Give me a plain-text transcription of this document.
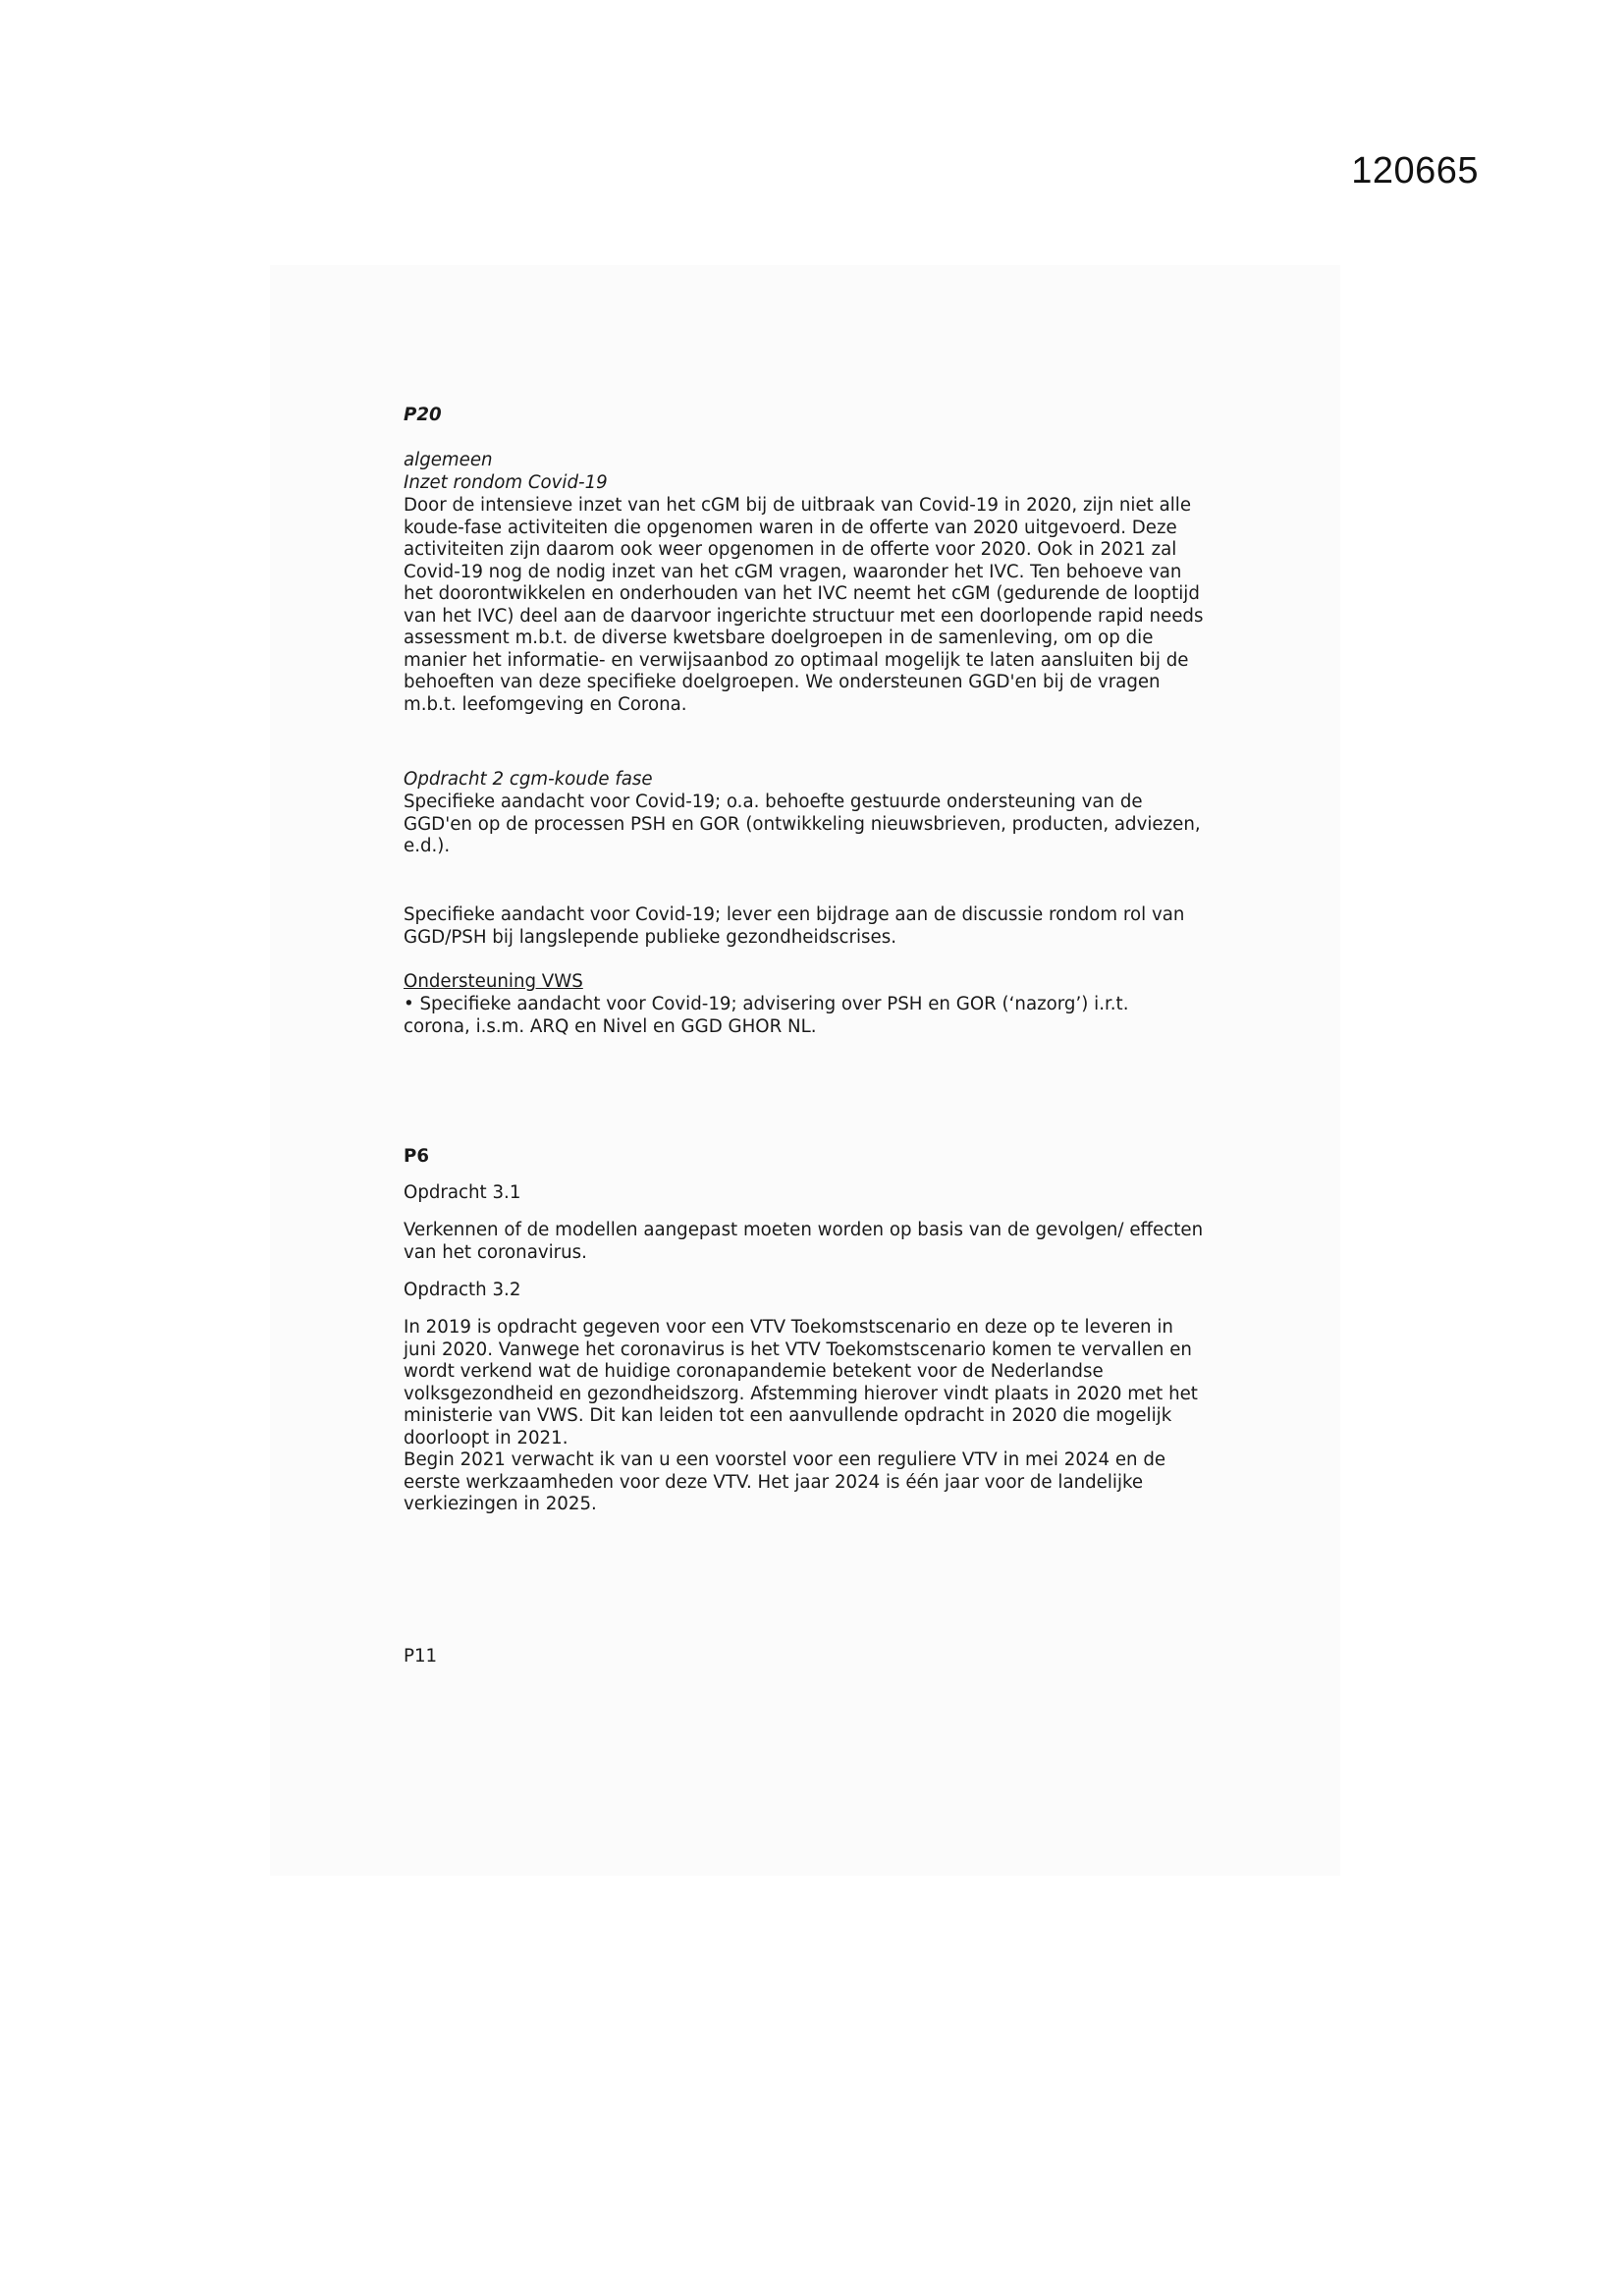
120665
P20
algemeen
Inzet rondom Covid-19

Door de intensieve inzet van het cGM bij de uitbraak van Covid-19 in 2020, zijn niet alle

koude-fase activiteiten die opgenomen waren in de offerte van 2020 uitgevoerd. Deze

activiteiten zijn daarom ook weer opgenomen in de offerte voor 2020. Ook in 2021 zal

Covid-19 nog de nodig inzet van het cGM vragen, waaronder het IVC. Ten behoeve van

het doorontwikkelen en onderhouden van het IVC neemt het cGM (gedurende de looptijd

van het IVC) deel aan de daarvoor ingerichte structuur met een doorlopende rapid needs

assessment m.b.t. de diverse kwetsbare doelgroepen in de samenleving, om op die

manier het informatie- en verwijsaanbod zo optimaal mogelijk te laten aansluiten bij de

behoeften van deze specifieke doelgroepen. We ondersteunen GGD'en bij de vragen

m.b.t. leefomgeving en Corona.

Opdracht 2 cgm-koude fase

Specifieke aandacht voor Covid-19; o.a. behoefte gestuurde ondersteuning van de

GGD'en op de processen PSH en GOR (ontwikkeling nieuwsbrieven, producten, adviezen,

e.d.).

Specifieke aandacht voor Covid-19; lever een bijdrage aan de discussie rondom rol van

GGD/PSH bij langslepende publieke gezondheidscrises.

Ondersteuning VWS

• Specifieke aandacht voor Covid-19; advisering over PSH en GOR (‘nazorg’) i.r.t.

corona, i.s.m. ARQ en Nivel en GGD GHOR NL.

P6
Opdracht 3.1

Verkennen of de modellen aangepast moeten worden op basis van de gevolgen/ effecten

van het coronavirus.

Opdracth 3.2

In 2019 is opdracht gegeven voor een VTV Toekomstscenario en deze op te leveren in

juni 2020. Vanwege het coronavirus is het VTV Toekomstscenario komen te vervallen en

wordt verkend wat de huidige coronapandemie betekent voor de Nederlandse

volksgezondheid en gezondheidszorg. Afstemming hierover vindt plaats in 2020 met het

ministerie van VWS. Dit kan leiden tot een aanvullende opdracht in 2020 die mogelijk

doorloopt in 2021.

Begin 2021 verwacht ik van u een voorstel voor een reguliere VTV in mei 2024 en de

eerste werkzaamheden voor deze VTV. Het jaar 2024 is één jaar voor de landelijke

verkiezingen in 2025.

P11
